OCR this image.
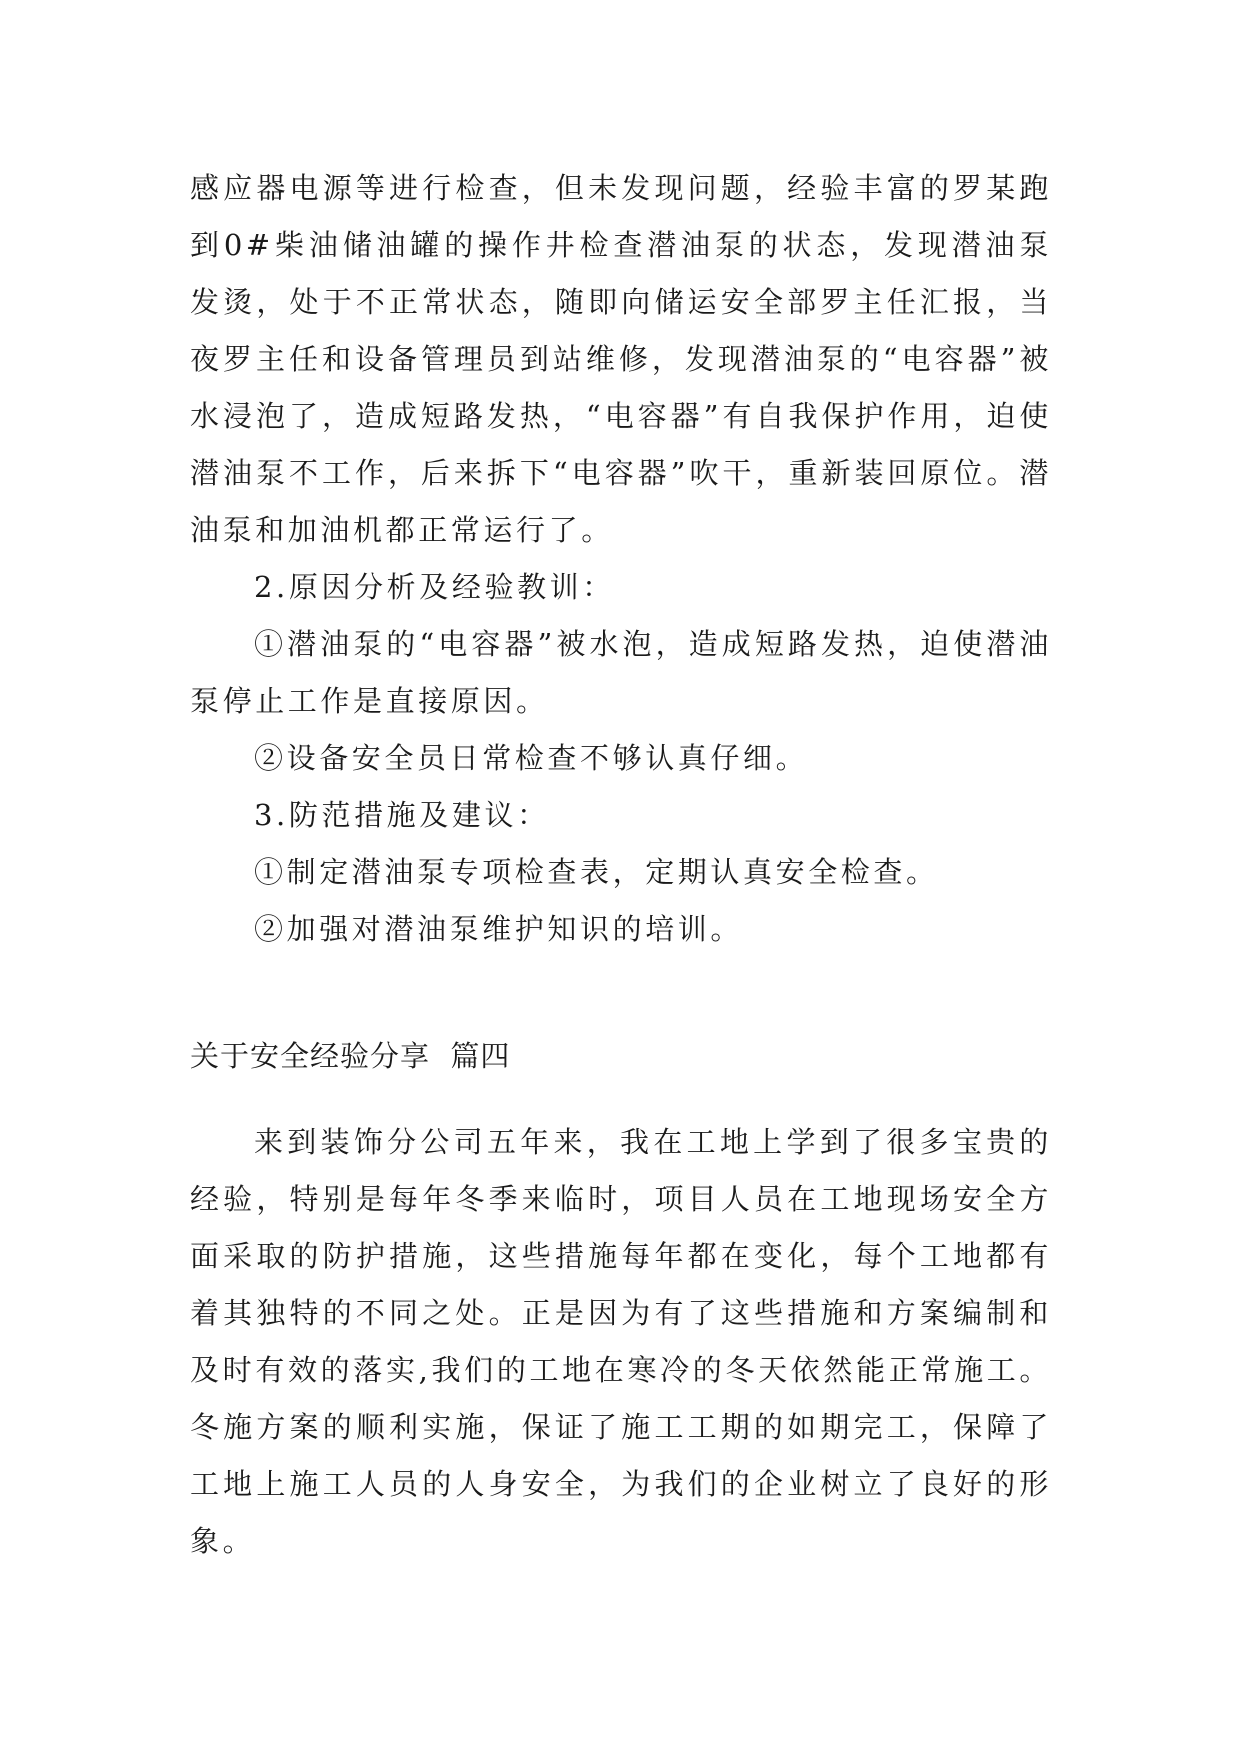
感应器电源等进行检查，但未发现问题，经验丰富的罗某跑到0#柴油储油罐的操作井检查潜油泵的状态，发现潜油泵发烫，处于不正常状态，随即向储运安全部罗主任汇报，当夜罗主任和设备管理员到站维修，发现潜油泵的“电容器”被水浸泡了，造成短路发热，“电容器”有自我保护作用，迫使潜油泵不工作，后来拆下“电容器”吹干，重新装回原位。潜油泵和加油机都正常运行了。

2.原因分析及经验教训：

①潜油泵的“电容器”被水泡，造成短路发热，迫使潜油泵停止工作是直接原因。

②设备安全员日常检查不够认真仔细。

3.防范措施及建议：

①制定潜油泵专项检查表，定期认真安全检查。

②加强对潜油泵维护知识的培训。

关于安全经验分享  篇四

来到装饰分公司五年来，我在工地上学到了很多宝贵的经验，特别是每年冬季来临时，项目人员在工地现场安全方面采取的防护措施，这些措施每年都在变化，每个工地都有着其独特的不同之处。正是因为有了这些措施和方案编制和及时有效的落实,我们的工地在寒冷的冬天依然能正常施工。冬施方案的顺利实施，保证了施工工期的如期完工，保障了工地上施工人员的人身安全，为我们的企业树立了良好的形象。
